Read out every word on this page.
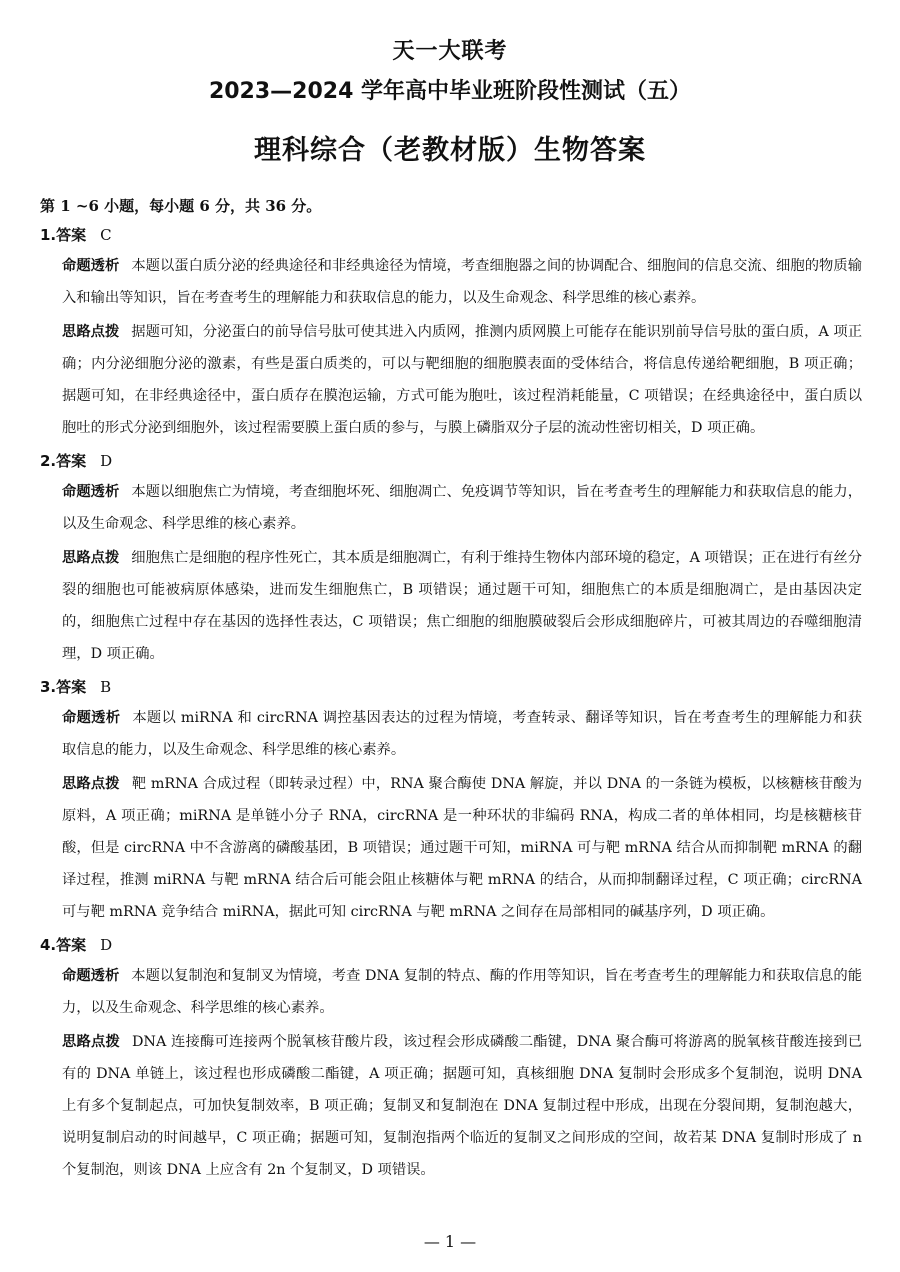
天一大联考
2023—2024 学年高中毕业班阶段性测试（五）
理科综合（老教材版）生物答案
第 1 ~6 小题，每小题 6 分，共 36 分。
1.答案 C

命题透析 本题以蛋白质分泌的经典途径和非经典途径为情境，考查细胞器之间的协调配合、细胞间的信息交流、细胞的物质输入和输出等知识，旨在考查考生的理解能力和获取信息的能力，以及生命观念、科学思维的核心素养。

思路点拨 据题可知，分泌蛋白的前导信号肽可使其进入内质网，推测内质网膜上可能存在能识别前导信号肽的蛋白质，A 项正确；内分泌细胞分泌的激素，有些是蛋白质类的，可以与靶细胞的细胞膜表面的受体结合，将信息传递给靶细胞，B 项正确；据题可知，在非经典途径中，蛋白质存在膜泡运输，方式可能为胞吐，该过程消耗能量，C 项错误；在经典途径中，蛋白质以胞吐的形式分泌到细胞外，该过程需要膜上蛋白质的参与，与膜上磷脂双分子层的流动性密切相关，D 项正确。

2.答案 D

命题透析 本题以细胞焦亡为情境，考查细胞坏死、细胞凋亡、免疫调节等知识，旨在考查考生的理解能力和获取信息的能力，以及生命观念、科学思维的核心素养。

思路点拨 细胞焦亡是细胞的程序性死亡，其本质是细胞凋亡，有利于维持生物体内部环境的稳定，A 项错误；正在进行有丝分裂的细胞也可能被病原体感染，进而发生细胞焦亡，B 项错误；通过题干可知，细胞焦亡的本质是细胞凋亡，是由基因决定的，细胞焦亡过程中存在基因的选择性表达，C 项错误；焦亡细胞的细胞膜破裂后会形成细胞碎片，可被其周边的吞噬细胞清理，D 项正确。

3.答案 B

命题透析 本题以 miRNA 和 circRNA 调控基因表达的过程为情境，考查转录、翻译等知识，旨在考查考生的理解能力和获取信息的能力，以及生命观念、科学思维的核心素养。

思路点拨 靶 mRNA 合成过程（即转录过程）中，RNA 聚合酶使 DNA 解旋，并以 DNA 的一条链为模板，以核糖核苷酸为原料，A 项正确；miRNA 是单链小分子 RNA，circRNA 是一种环状的非编码 RNA，构成二者的单体相同，均是核糖核苷酸，但是 circRNA 中不含游离的磷酸基团，B 项错误；通过题干可知，miRNA 可与靶 mRNA 结合从而抑制靶 mRNA 的翻译过程，推测 miRNA 与靶 mRNA 结合后可能会阻止核糖体与靶 mRNA 的结合，从而抑制翻译过程，C 项正确；circRNA 可与靶 mRNA 竞争结合 miRNA，据此可知 circRNA 与靶 mRNA 之间存在局部相同的碱基序列，D 项正确。

4.答案 D

命题透析 本题以复制泡和复制叉为情境，考查 DNA 复制的特点、酶的作用等知识，旨在考查考生的理解能力和获取信息的能力，以及生命观念、科学思维的核心素养。

思路点拨 DNA 连接酶可连接两个脱氧核苷酸片段，该过程会形成磷酸二酯键，DNA 聚合酶可将游离的脱氧核苷酸连接到已有的 DNA 单链上，该过程也形成磷酸二酯键，A 项正确；据题可知，真核细胞 DNA 复制时会形成多个复制泡，说明 DNA 上有多个复制起点，可加快复制效率，B 项正确；复制叉和复制泡在 DNA 复制过程中形成，出现在分裂间期，复制泡越大，说明复制启动的时间越早，C 项正确；据题可知，复制泡指两个临近的复制叉之间形成的空间，故若某 DNA 复制时形成了 n 个复制泡，则该 DNA 上应含有 2n 个复制叉，D 项错误。

— 1 —
